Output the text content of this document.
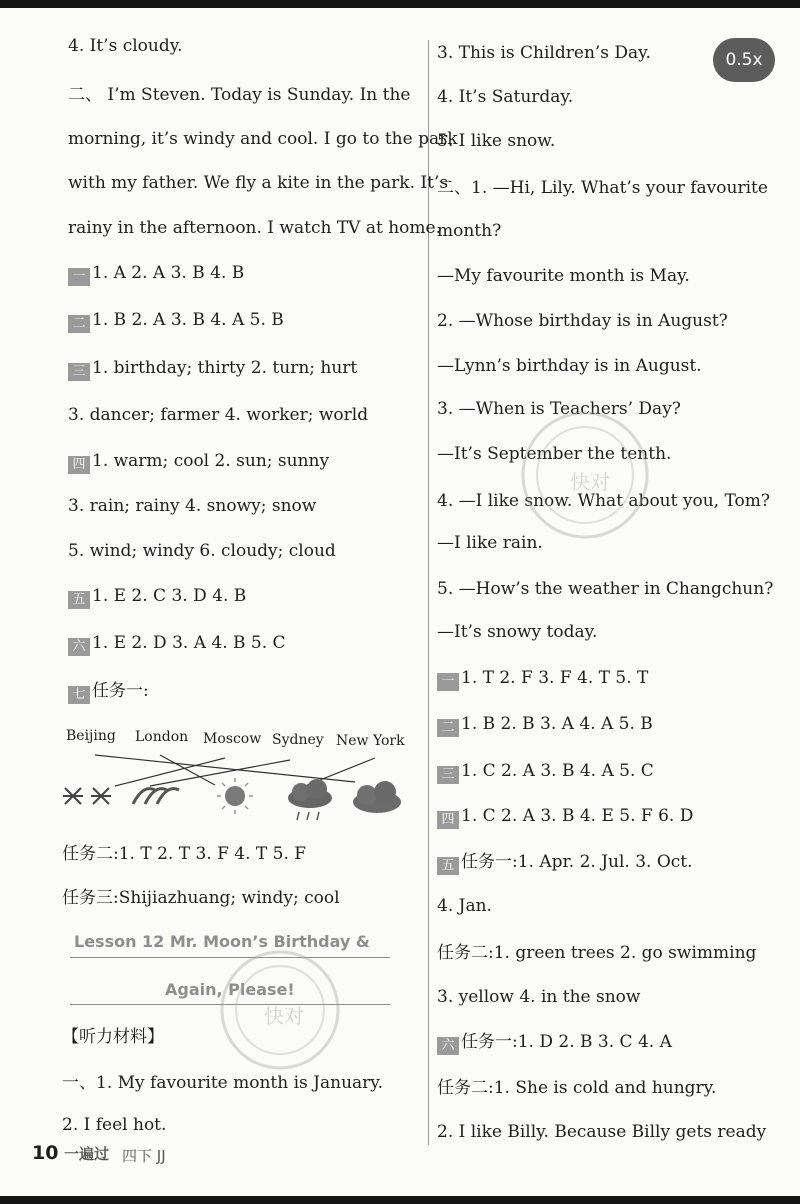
0.5x
4. It’s cloudy.
二、 I’m Steven. Today is Sunday. In the
morning, it’s windy and cool. I go to the park
with my father. We fly a kite in the park. It’s
rainy in the afternoon. I watch TV at home.
一 1. A 2. A 3. B 4. B
二 1. B 2. A 3. B 4. A 5. B
三 1. birthday; thirty 2. turn; hurt
3. dancer; farmer 4. worker; world
四 1. warm; cool 2. sun; sunny
3. rain; rainy 4. snowy; snow
5. wind; windy 6. cloudy; cloud
五 1. E 2. C 3. D 4. B
六 1. E 2. D 3. A 4. B 5. C
七 任务一:
Beijing London Moscow Sydney New York
任务二:1. T 2. T 3. F 4. T 5. F
任务三:Shijiazhuang; windy; cool
Lesson 12 Mr. Moon’s Birthday &
Again, Please!
【听力材料】
一、1. My favourite month is January.
2. I feel hot.
3. This is Children’s Day.
4. It’s Saturday.
5. I like snow.
二、1. —Hi, Lily. What’s your favourite
month?
—My favourite month is May.
2. —Whose birthday is in August?
—Lynn’s birthday is in August.
3. —When is Teachers’ Day?
—It’s September the tenth.
4. —I like snow. What about you, Tom?
—I like rain.
5. —How’s the weather in Changchun?
—It’s snowy today.
一 1. T 2. F 3. F 4. T 5. T
二 1. B 2. B 3. A 4. A 5. B
三 1. C 2. A 3. B 4. A 5. C
四 1. C 2. A 3. B 4. E 5. F 6. D
五 任务一:1. Apr. 2. Jul. 3. Oct.
4. Jan.
任务二:1. green trees 2. go swimming
3. yellow 4. in the snow
六 任务一:1. D 2. B 3. C 4. A
任务二:1. She is cold and hungry.
2. I like Billy. Because Billy gets ready
快对
快对
10 一遍过 四下 JJ
